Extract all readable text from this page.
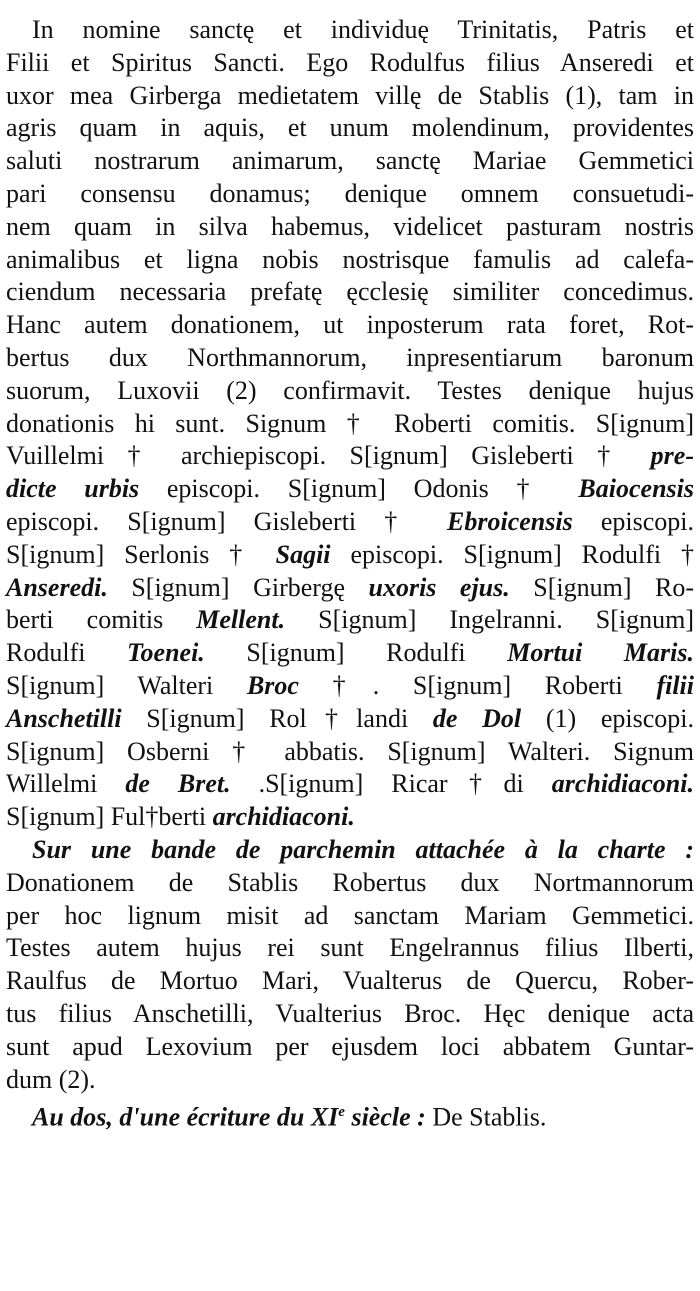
In nomine sanctę et individuę Trinitatis, Patris et
Filii et Spiritus Sancti. Ego Rodulfus filius Anseredi et
uxor mea Girberga medietatem villę de Stablis (1), tam in
agris quam in aquis, et unum molendinum, providentes
saluti nostrarum animarum, sanctę Mariae Gemmetici
pari consensu donamus; denique omnem consuetudi-
nem quam in silva habemus, videlicet pasturam nostris
animalibus et ligna nobis nostrisque famulis ad calefa-
ciendum necessaria prefatę ęcclesię similiter concedimus.
Hanc autem donationem, ut inposterum rata foret, Rot-
bertus dux Northmannorum, inpresentiarum baronum
suorum, Luxovii (2) confirmavit. Testes denique hujus
donationis hi sunt. Signum † Roberti comitis. S[ignum]
Vuillelmi † archiepiscopi. S[ignum] Gisleberti † pre-
dicte urbis episcopi. S[ignum] Odonis † Baiocensis
episcopi. S[ignum] Gisleberti † Ebroicensis episcopi.
S[ignum] Serlonis † Sagii episcopi. S[ignum] Rodulfi †
Anseredi. S[ignum] Girbergę uxoris ejus. S[ignum] Ro-
berti comitis Mellent. S[ignum] Ingelranni. S[ignum]
Rodulfi Toenei. S[ignum] Rodulfi Mortui Maris.
S[ignum] Walteri Broc †. S[ignum] Roberti filii
Anschetilli S[ignum] Rol†landi de Dol (1) episcopi.
S[ignum] Osberni † abbatis. S[ignum] Walteri. Signum
Willelmi de Bret. .S[ignum] Ricar†di archidiaconi.
S[ignum] Ful†berti archidiaconi.
Sur une bande de parchemin attachée à la charte :
Donationem de Stablis Robertus dux Nortmannorum
per hoc lignum misit ad sanctam Mariam Gemmetici.
Testes autem hujus rei sunt Engelrannus filius Ilberti,
Raulfus de Mortuo Mari, Vualterus de Quercu, Rober-
tus filius Anschetilli, Vualterius Broc. Hęc denique acta
sunt apud Lexovium per ejusdem loci abbatem Guntar-
dum (2).
Au dos, d'une écriture du XIe siècle : De Stablis.
